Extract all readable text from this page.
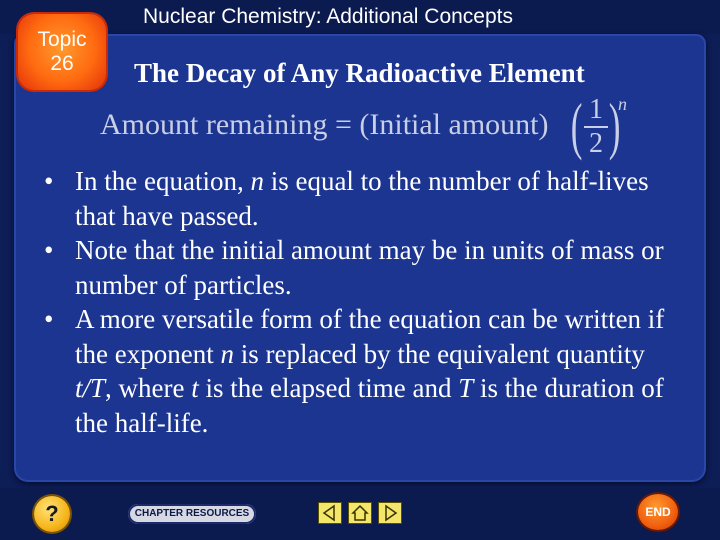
Topic
26
Nuclear Chemistry: Additional Concepts
The Decay of Any Radioactive Element
Amount remaining = (Initial amount) ( 1
2 )
n
• In the equation, n is equal to the number of half-lives that have passed.
• Note that the initial amount may be in units of mass or number of particles.
• A more versatile form of the equation can be written if the exponent n is replaced by the equivalent quantity t/T, where t is the elapsed time and T is the duration of the half-life.
?	CHAPTER RESOURCES	END
